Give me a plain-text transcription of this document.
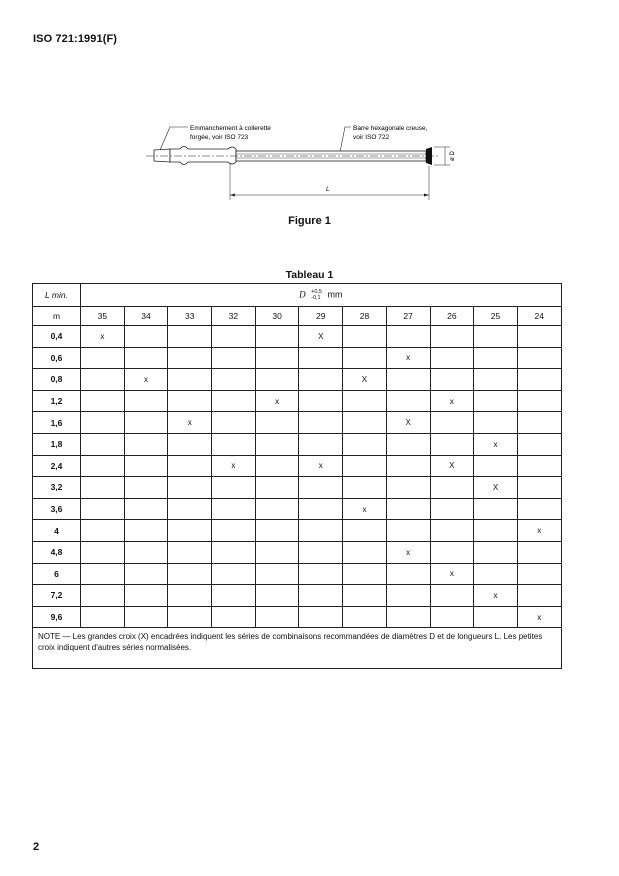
ISO 721:1991(F)
Emmanchement à collerette
forgée, voir ISO 723
Barre hexagonale creuse,
voir ISO 722
ø D
L
Figure 1
Tableau 1
L min.	D +0,5
-0,1 mm										
m	35	34	33	32	30	29	28	27	26	25	24
0,4	x					X					
0,6								x			
0,8		x					X				
1,2					x				x		
1,6			x					X			
1,8										x	
2,4				x		x			X		
3,2										X	
3,6							x				
4											x
4,8								x			
6									x		
7,2										x	
9,6											x
NOTE — Les grandes croix (X) encadrées indiquent les séries de combinaisons recommandées de diamètres D et de longueurs L. Les petites croix indiquent d'autres séries normalisées.											
2
